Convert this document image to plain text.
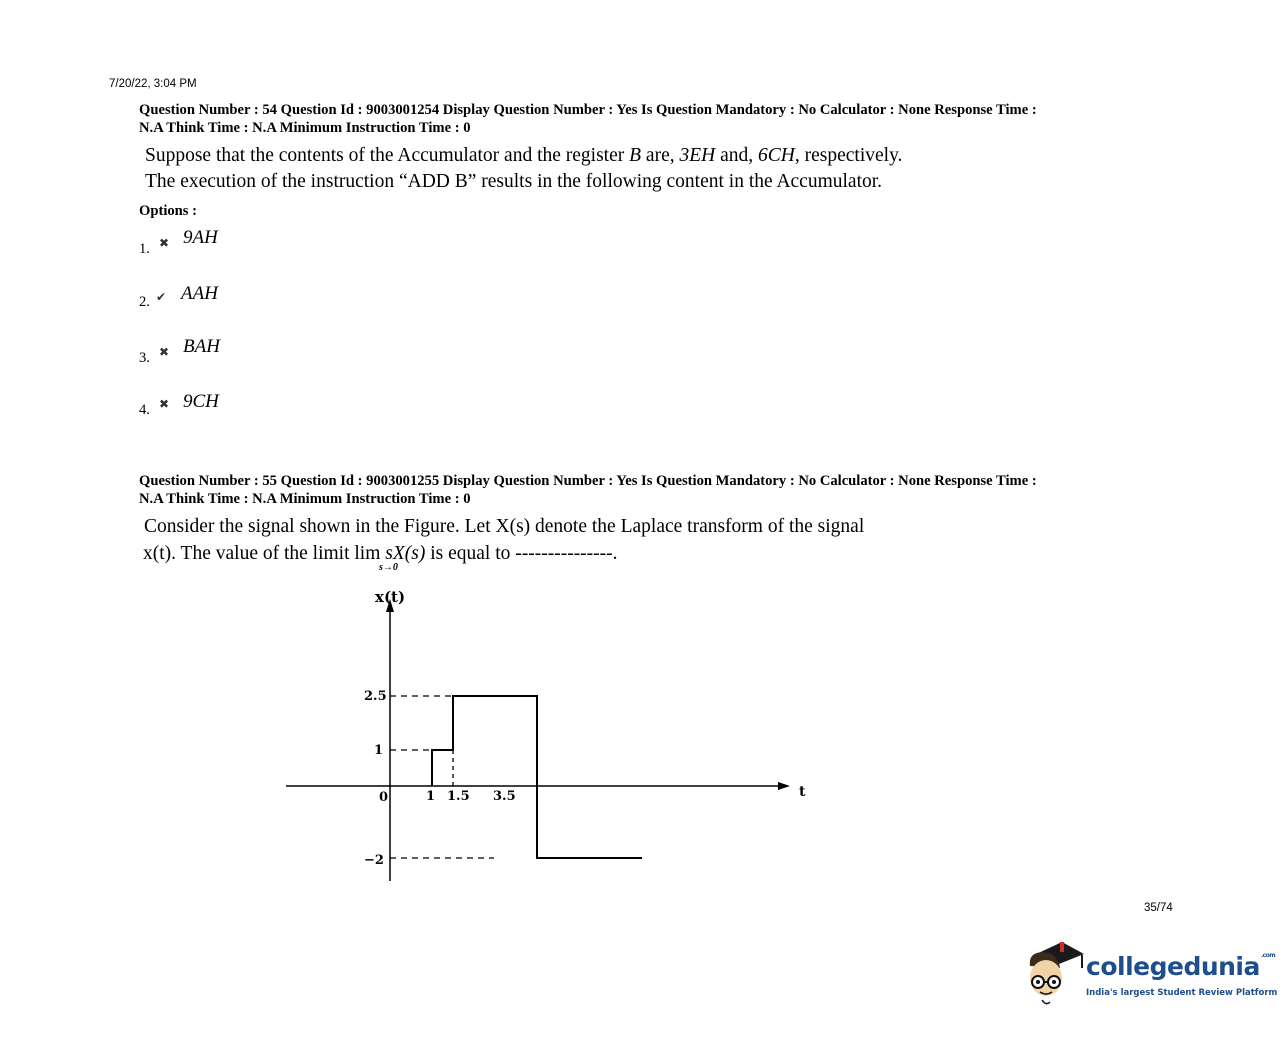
7/20/22, 3:04 PM
Question Number : 54 Question Id : 9003001254 Display Question Number : Yes Is Question Mandatory : No Calculator : None Response Time :
N.A Think Time : N.A Minimum Instruction Time : 0
Suppose that the contents of the Accumulator and the register B are, 3EH and, 6CH, respectively.
The execution of the instruction “ADD B” results in the following content in the Accumulator.
Options :
1. ✖ 9AH
2. ✔ AAH
3. ✖ BAH
4. ✖ 9CH
Question Number : 55 Question Id : 9003001255 Display Question Number : Yes Is Question Mandatory : No Calculator : None Response Time :
N.A Think Time : N.A Minimum Instruction Time : 0
Consider the signal shown in the Figure. Let X(s) denote the Laplace transform of the signal
x(t). The value of the limit lim sX(s) is equal to ---------------.
s→0
x(t)
t
2.5
1
0
−2
1 1.5 3.5
35/74
collegedunia$^{.com}$
India's largest Student Review Platform
